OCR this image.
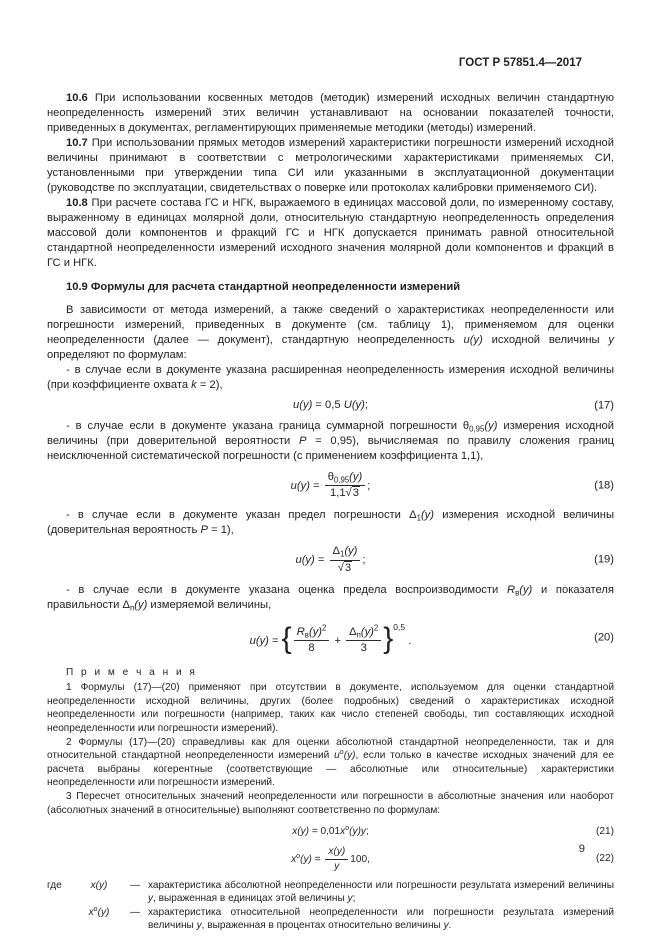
ГОСТ Р 57851.4—2017

10.6 При использовании косвенных методов (методик) измерений исходных величин стандартную неопределенность измерений этих величин устанавливают на основании показателей точности, приведенных в документах, регламентирующих применяемые методики (методы) измерений.

10.7 При использовании прямых методов измерений характеристики погрешности измерений исходной величины принимают в соответствии с метрологическими характеристиками применяемых СИ, установленными при утверждении типа СИ или указанными в эксплуатационной документации (руководстве по эксплуатации, свидетельствах о поверке или протоколах калибровки применяемого СИ).

10.8 При расчете состава ГС и НГК, выражаемого в единицах массовой доли, по измеренному составу, выраженному в единицах молярной доли, относительную стандартную неопределенность определения массовой доли компонентов и фракций ГС и НГК допускается принимать равной относительной стандартной неопределенности измерений исходного значения молярной доли компонентов и фракций в ГС и НГК.

10.9 Формулы для расчета стандартной неопределенности измерений

В зависимости от метода измерений, а также сведений о характеристиках неопределенности или погрешности измерений, приведенных в документе (см. таблицу 1), применяемом для оценки неопределенности (далее — документ), стандартную неопределенность u(y) исходной величины y определяют по формулам:

- в случае если в документе указана расширенная неопределенность измерения исходной величины (при коэффициенте охвата k = 2),

u(y) = 0,5 U(y);	(17)

- в случае если в документе указана граница суммарной погрешности $\theta_{0,95}(y)$ измерения исходной величины (при доверительной вероятности P = 0,95), вычисляемая по правилу сложения границ неисключенной систематической погрешности (с применением коэффициента 1,1),

$u(y) = \frac{\theta_{0,95}(y)}{1,1√3}$ ;	(18)

- в случае если в документе указан предел погрешности $\Delta_1(y)$ измерения исходной величины (доверительная вероятность P = 1),

$u(y) = \frac{\Delta_1(y)}{√3}$ ;	(19)

- в случае если в документе указана оценка предела воспроизводимости $R_в(y)$ и показателя правильности $\Delta_п(y)$ измеряемой величины,

u(y) = { $\frac{R_в(y)^2}{8} + \frac{\Delta_п(y)^2}{3} \}^{0,5}$ .	(20)

П р и м е ч а н и я

1 Формулы (17)—(20) применяют при отсутствии в документе, используемом для оценки стандартной неопределенности исходной величины, других (более подробных) сведений о характеристиках исходной неопределенности или погрешности (например, таких как число степеней свободы, тип составляющих исходной неопределенности или погрешности измерений).

2 Формулы (17)—(20) справедливы как для оценки абсолютной стандартной неопределенности, так и для относительной стандартной неопределенности измерений $u^о(y)$, если только в качестве исходных значений для ее расчета выбраны когерентные (соответствующие — абсолютные или относительные) характеристики неопределенности или погрешности измерений.

3 Пересчет относительных значений неопределенности или погрешности в абсолютные значения или наоборот (абсолютных значений в относительные) выполняют соответственно по формулам:

$x(y) = 0,01x^о(y)y$;	(21)
$x^о(y) = \frac{x(y)}{y} 100$,	(22)
где	x(y)	— характеристика абсолютной неопределенности или погрешности результата измерений величины y, выраженная в единицах этой величины y;
$x^о(y)$	— характеристика относительной неопределенности или погрешности результата измерений величины y, выраженная в процентах относительно величины y.
9
